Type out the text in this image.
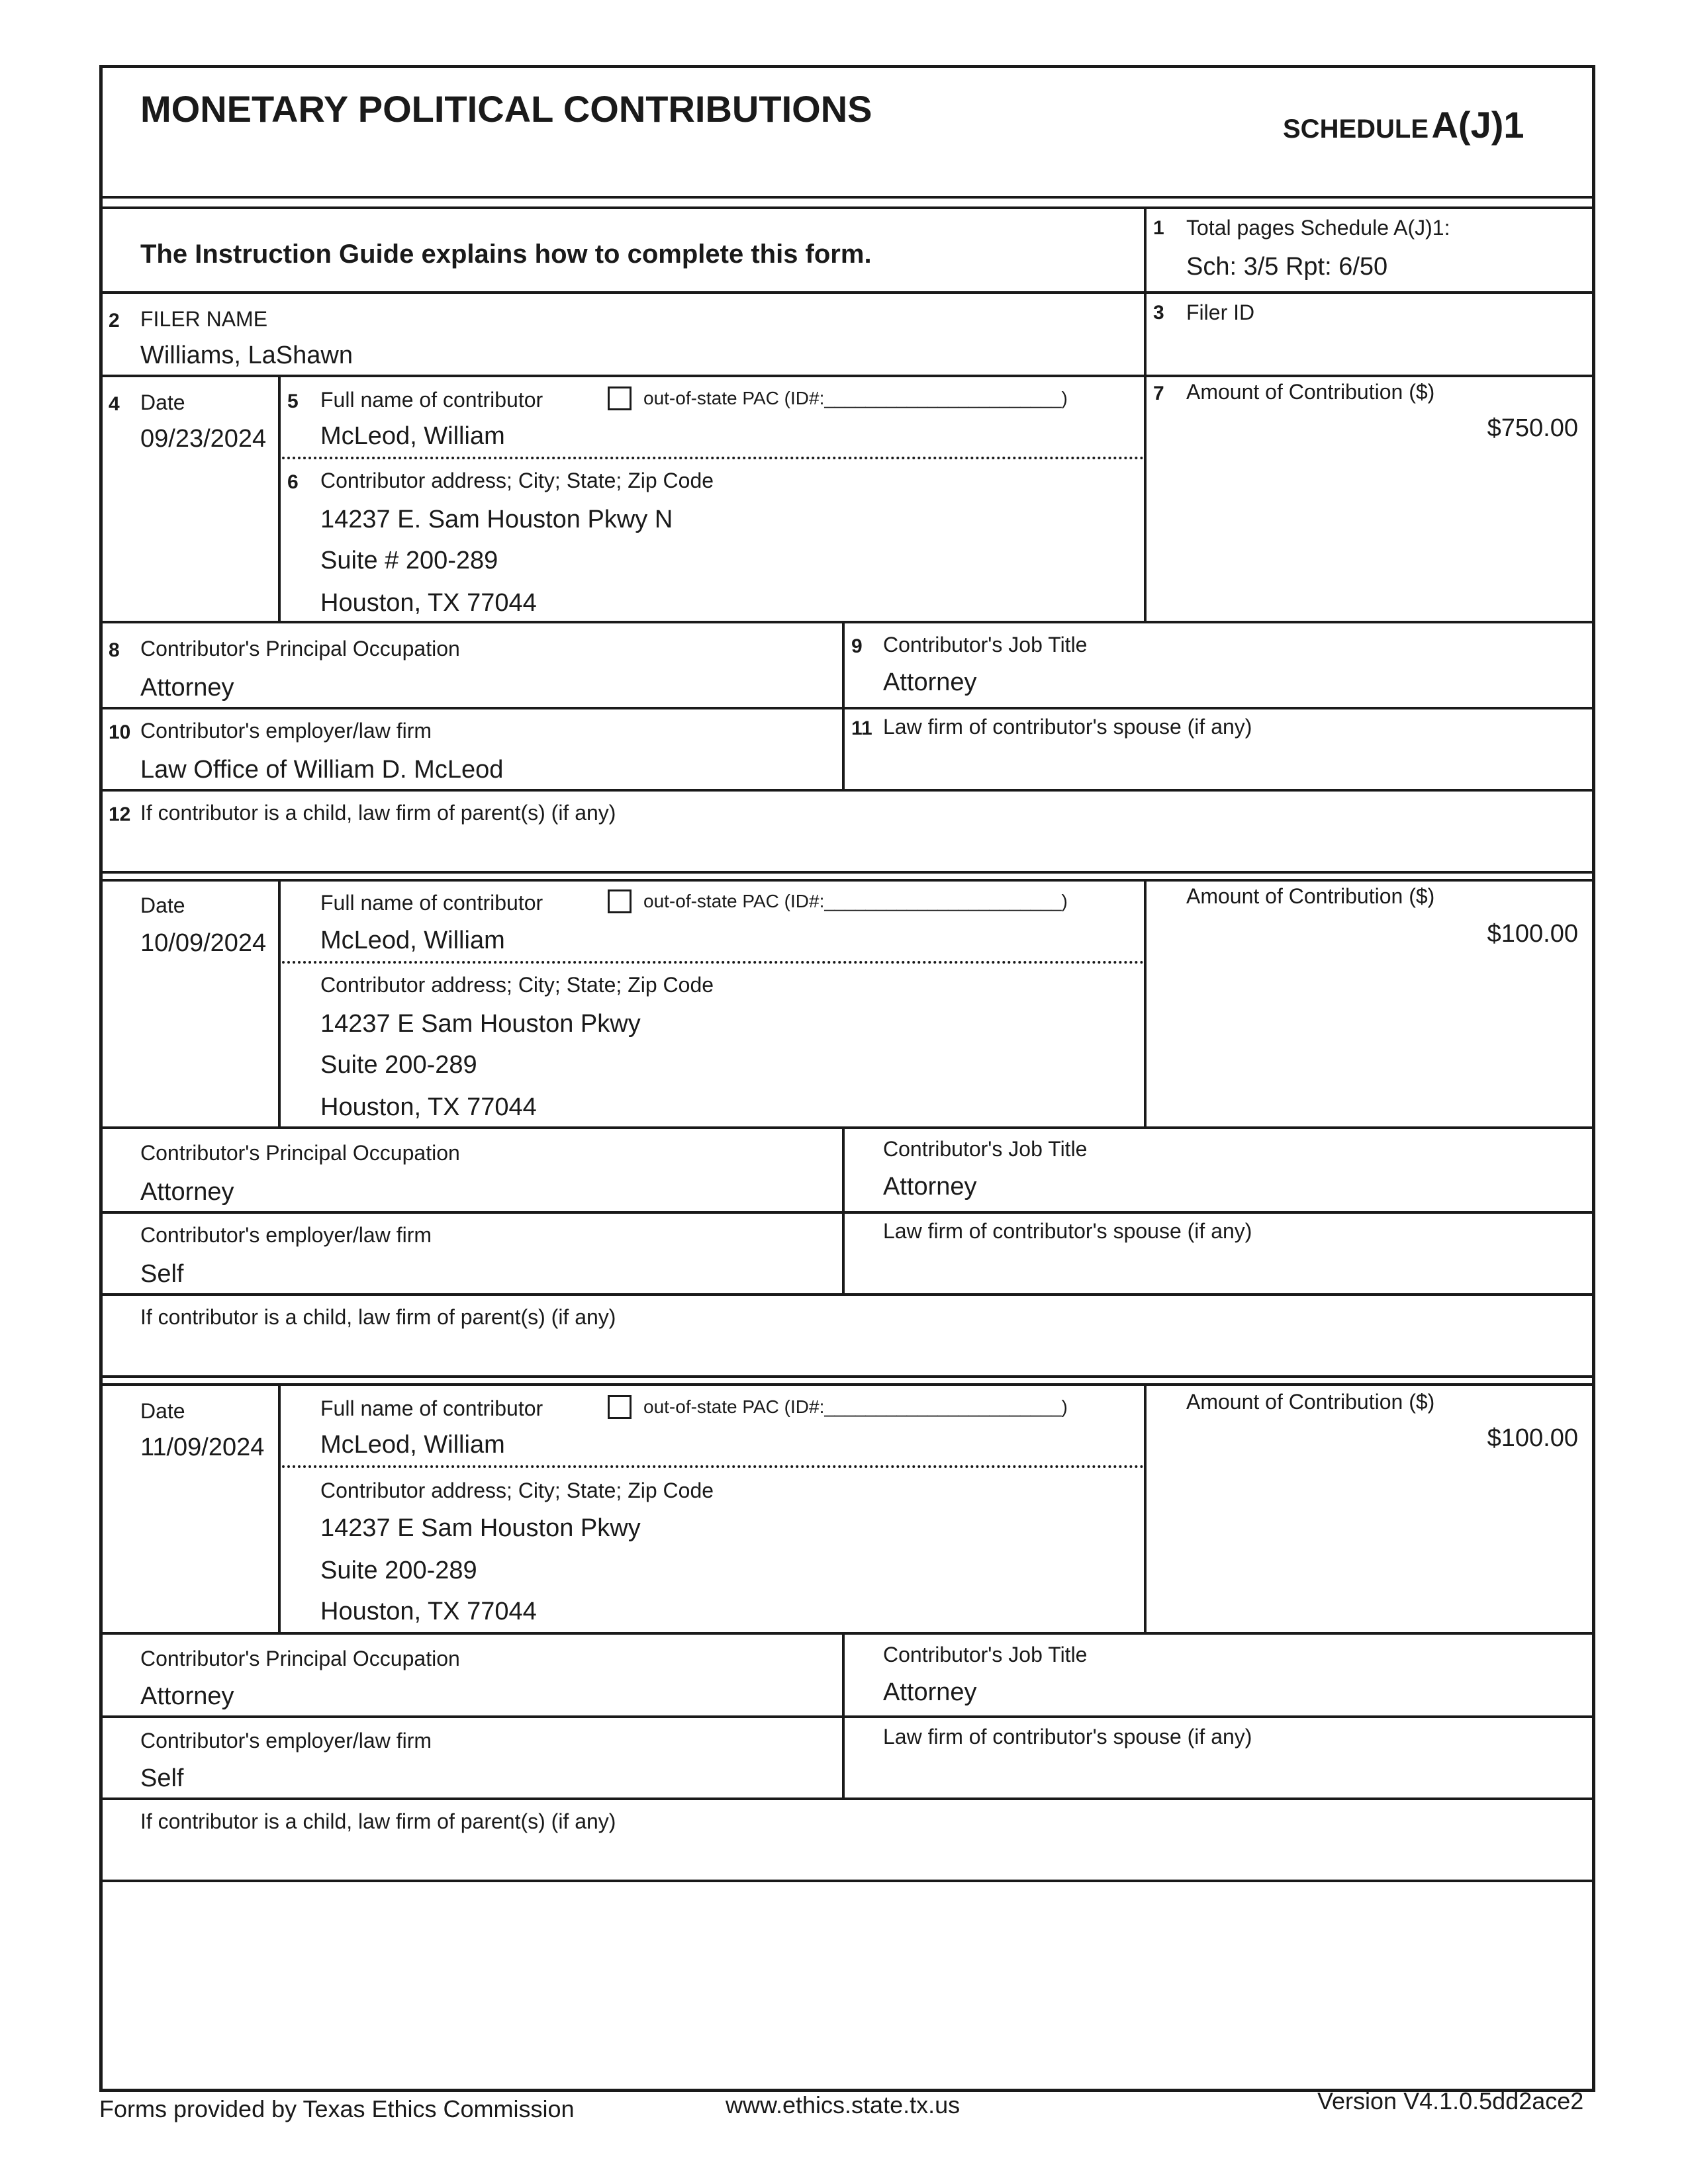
MONETARY POLITICAL CONTRIBUTIONS	SCHEDULE A(J)1
The Instruction Guide explains how to complete this form.
1 Total pages Schedule A(J)1:
Sch: 3/5 Rpt: 6/50
2 FILER NAME
Williams, LaShawn
3 Filer ID
4 Date
09/23/2024
5 Full name of contributor	out-of-state PAC (ID#:_______________________)
McLeod, William
6 Contributor address; City; State; Zip Code
14237 E. Sam Houston Pkwy N
Suite # 200-289
Houston, TX 77044
7 Amount of Contribution ($)
$750.00
8 Contributor's Principal Occupation
Attorney
9 Contributor's Job Title
Attorney
10 Contributor's employer/law firm
Law Office of William D. McLeod
11 Law firm of contributor's spouse (if any)
12 If contributor is a child, law firm of parent(s) (if any)
Date
10/09/2024
Full name of contributor	out-of-state PAC (ID#:_______________________)
McLeod, William
Contributor address; City; State; Zip Code
14237 E Sam Houston Pkwy
Suite 200-289
Houston, TX 77044
Amount of Contribution ($)
$100.00
Contributor's Principal Occupation
Attorney
Contributor's Job Title
Attorney
Contributor's employer/law firm
Self
Law firm of contributor's spouse (if any)
If contributor is a child, law firm of parent(s) (if any)
Date
11/09/2024
Full name of contributor	out-of-state PAC (ID#:_______________________)
McLeod, William
Contributor address; City; State; Zip Code
14237 E Sam Houston Pkwy
Suite 200-289
Houston, TX 77044
Amount of Contribution ($)
$100.00
Contributor's Principal Occupation
Attorney
Contributor's Job Title
Attorney
Contributor's employer/law firm
Self
Law firm of contributor's spouse (if any)
If contributor is a child, law firm of parent(s) (if any)
Forms provided by Texas Ethics Commission	www.ethics.state.tx.us	Version V4.1.0.5dd2ace2
